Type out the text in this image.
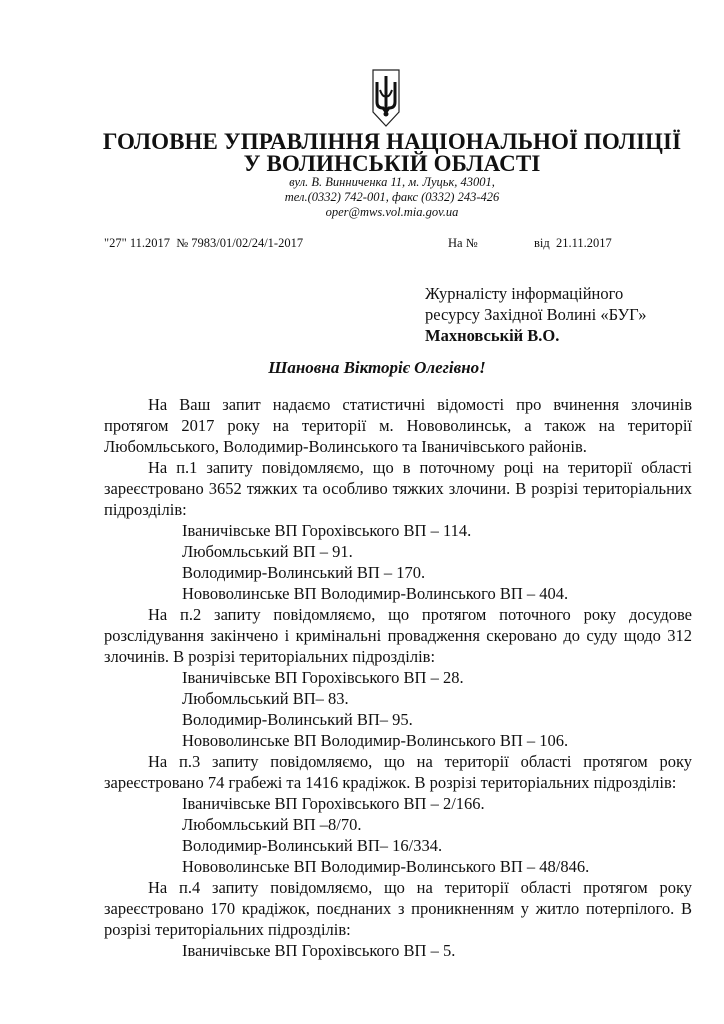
ГОЛОВНЕ УПРАВЛІННЯ НАЦІОНАЛЬНОЇ ПОЛІЦІЇ
У ВОЛИНСЬКІЙ ОБЛАСТІ
вул. В. Винниченка 11, м. Луцьк, 43001,
тел.(0332) 742-001, факс (0332) 243-426
oper@mws.vol.mia.gov.ua
"27" 11.2017  № 7983/01/02/24/1-2017	На №	від  21.11.2017
Журналісту інформаційного
ресурсу Західної Волині «БУГ»
Махновській В.О.
Шановна Вікторіє Олегівно!

На Ваш запит надаємо статистичні відомості про вчинення злочинів протягом 2017 року на території м. Нововолинськ, а також на території Любомльського, Володимир-Волинського та Іваничівського районів.

На п.1 запиту повідомляємо, що в поточному році на території області зареєстровано 3652 тяжких та особливо тяжких злочини. В розрізі територіальних підрозділів:

Іваничівське ВП Горохівського ВП – 114.
Любомльський ВП – 91.
Володимир-Волинський ВП – 170.
Нововолинське ВП Володимир-Волинського ВП – 404.

На п.2 запиту повідомляємо, що протягом поточного року досудове розслідування закінчено і кримінальні провадження скеровано до суду щодо 312 злочинів. В розрізі територіальних підрозділів:

Іваничівське ВП Горохівського ВП – 28.
Любомльський ВП– 83.
Володимир-Волинський ВП– 95.
Нововолинське ВП Володимир-Волинського ВП – 106.

На п.3 запиту повідомляємо, що на території області протягом року зареєстровано 74 грабежі та 1416 крадіжок. В розрізі територіальних підрозділів:

Іваничівське ВП Горохівського ВП – 2/166.
Любомльський ВП –8/70.
Володимир-Волинський ВП– 16/334.
Нововолинське ВП Володимир-Волинського ВП – 48/846.

На п.4 запиту повідомляємо, що на території області протягом року зареєстровано 170 крадіжок, поєднаних з проникненням у житло потерпілого. В розрізі територіальних підрозділів:

Іваничівське ВП Горохівського ВП – 5.
